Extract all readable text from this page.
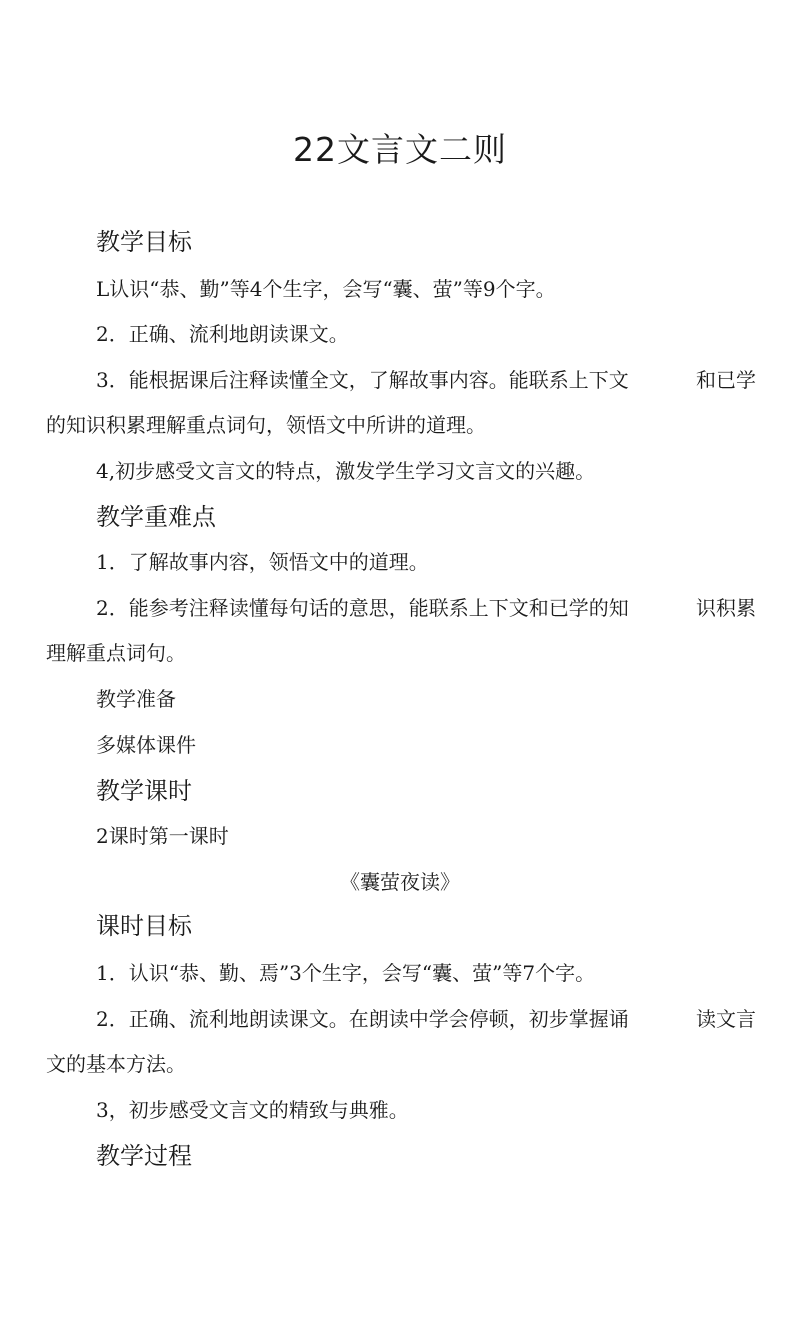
22文言文二则
教学目标
L认识“恭、勤”等4个生字，会写“囊、萤”等9个字。
2．正确、流利地朗读课文。
3．能根据课后注释读懂全文，了解故事内容。能联系上下文	和已学
的知识积累理解重点词句，领悟文中所讲的道理。
4,初步感受文言文的特点，激发学生学习文言文的兴趣。
教学重难点
1．了解故事内容，领悟文中的道理。
2．能参考注释读懂每句话的意思，能联系上下文和已学的知	识积累
理解重点词句。
教学准备
多媒体课件
教学课时
2课时第一课时
《囊萤夜读》
课时目标
1．认识“恭、勤、焉”3个生字，会写“囊、萤”等7个字。
2．正确、流利地朗读课文。在朗读中学会停顿，初步掌握诵	读文言
文的基本方法。
3，初步感受文言文的精致与典雅。
教学过程
